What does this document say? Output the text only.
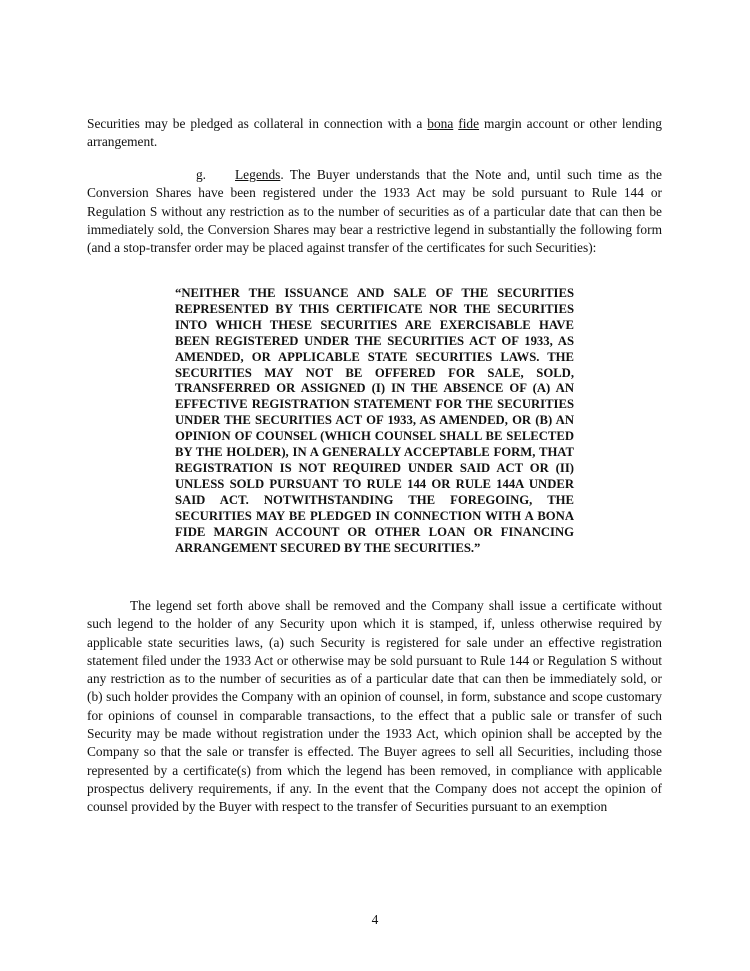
Securities may be pledged as collateral in connection with a bona fide margin account or other lending arrangement.

g. Legends. The Buyer understands that the Note and, until such time as the Conversion Shares have been registered under the 1933 Act may be sold pursuant to Rule 144 or Regulation S without any restriction as to the number of securities as of a particular date that can then be immediately sold, the Conversion Shares may bear a restrictive legend in substantially the following form (and a stop-transfer order may be placed against transfer of the certificates for such Securities):

“NEITHER THE ISSUANCE AND SALE OF THE SECURITIES REPRESENTED BY THIS CERTIFICATE NOR THE SECURITIES INTO WHICH THESE SECURITIES ARE EXERCISABLE HAVE BEEN REGISTERED UNDER THE SECURITIES ACT OF 1933, AS AMENDED, OR APPLICABLE STATE SECURITIES LAWS. THE SECURITIES MAY NOT BE OFFERED FOR SALE, SOLD, TRANSFERRED OR ASSIGNED (I) IN THE ABSENCE OF (A) AN EFFECTIVE REGISTRATION STATEMENT FOR THE SECURITIES UNDER THE SECURITIES ACT OF 1933, AS AMENDED, OR (B) AN OPINION OF COUNSEL (WHICH COUNSEL SHALL BE SELECTED BY THE HOLDER), IN A GENERALLY ACCEPTABLE FORM, THAT REGISTRATION IS NOT REQUIRED UNDER SAID ACT OR (II) UNLESS SOLD PURSUANT TO RULE 144 OR RULE 144A UNDER SAID ACT. NOTWITHSTANDING THE FOREGOING, THE SECURITIES MAY BE PLEDGED IN CONNECTION WITH A BONA FIDE MARGIN ACCOUNT OR OTHER LOAN OR FINANCING ARRANGEMENT SECURED BY THE SECURITIES.”

The legend set forth above shall be removed and the Company shall issue a certificate without such legend to the holder of any Security upon which it is stamped, if, unless otherwise required by applicable state securities laws, (a) such Security is registered for sale under an effective registration statement filed under the 1933 Act or otherwise may be sold pursuant to Rule 144 or Regulation S without any restriction as to the number of securities as of a particular date that can then be immediately sold, or (b) such holder provides the Company with an opinion of counsel, in form, substance and scope customary for opinions of counsel in comparable transactions, to the effect that a public sale or transfer of such Security may be made without registration under the 1933 Act, which opinion shall be accepted by the Company so that the sale or transfer is effected. The Buyer agrees to sell all Securities, including those represented by a certificate(s) from which the legend has been removed, in compliance with applicable prospectus delivery requirements, if any. In the event that the Company does not accept the opinion of counsel provided by the Buyer with respect to the transfer of Securities pursuant to an exemption

4
